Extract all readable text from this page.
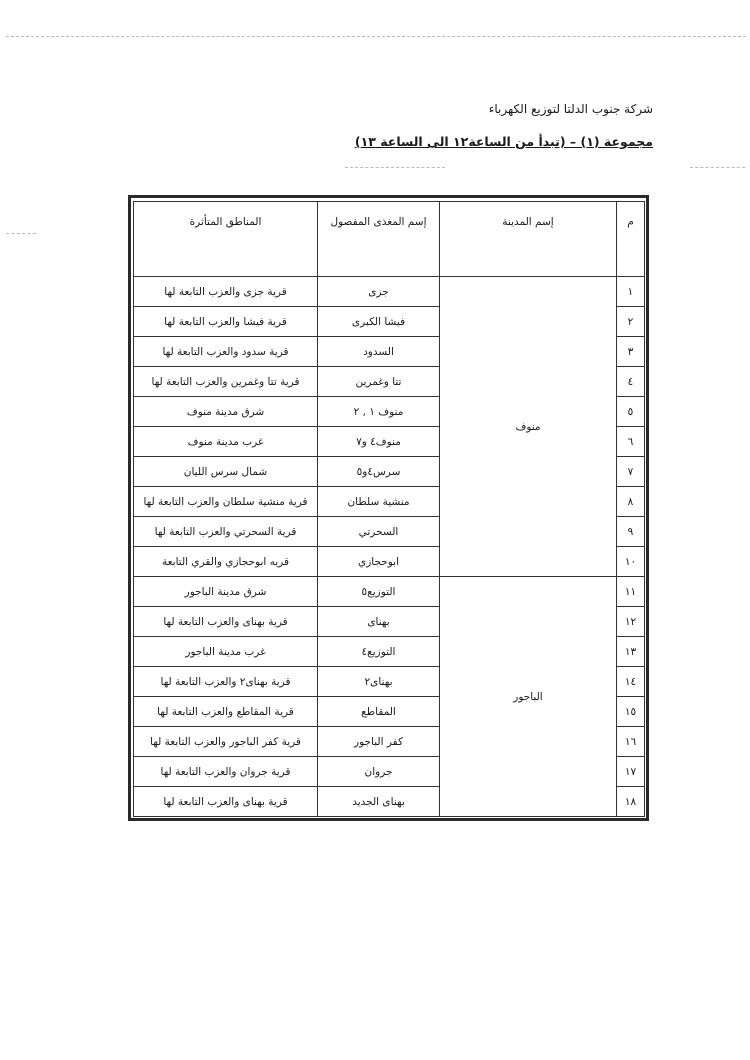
شركة جنوب الدلتا لتوزيع الكهرباء
مجموعة (١) – (تبدأ من الساعة١٢ الى الساعة ١٣)
م	إسم المدينة	إسم المغذى المفصول	المناطق المتأثرة
١	منوف	جزى	قرية جزى والعزب التابعة لها
٢		فيشا الكبرى	قرية فيشا والعزب التابعة لها
٣		السدود	قرية سدود والعزب التابعة لها
٤		تتا وغمرين	قرية تتا وغمرين والعزب التابعة لها
٥		منوف ١ , ٢	شرق مدينة منوف
٦		منوف٤ و٧	غرب مدينة منوف
٧		سرس٤و٥	شمال سرس الليان
٨		منشية سلطان	قرية منشية سلطان والعزب التابعة لها
٩		السحرتي	قرية السحرتي والعزب التابعة لها
١٠		ابوحجازي	قريه ابوحجازي والقري التابعة
١١	الباجور	التوزيع٥	شرق مدينة الباجور
١٢		بهناى	قرية بهناى والعزب التابعة لها
١٣		التوزيع٤	غرب مدينة الباجور
١٤		بهناى٢	قرية بهناى٢ والعزب التابعة لها
١٥		المقاطع	قرية المقاطع والعزب التابعة لها
١٦		كفر الباجور	قرية كفر الباجور والعزب التابعة لها
١٧		جروان	قرية جروان والعزب التابعة لها
١٨		بهناى الجديد	قرية بهناى والعزب التابعة لها
